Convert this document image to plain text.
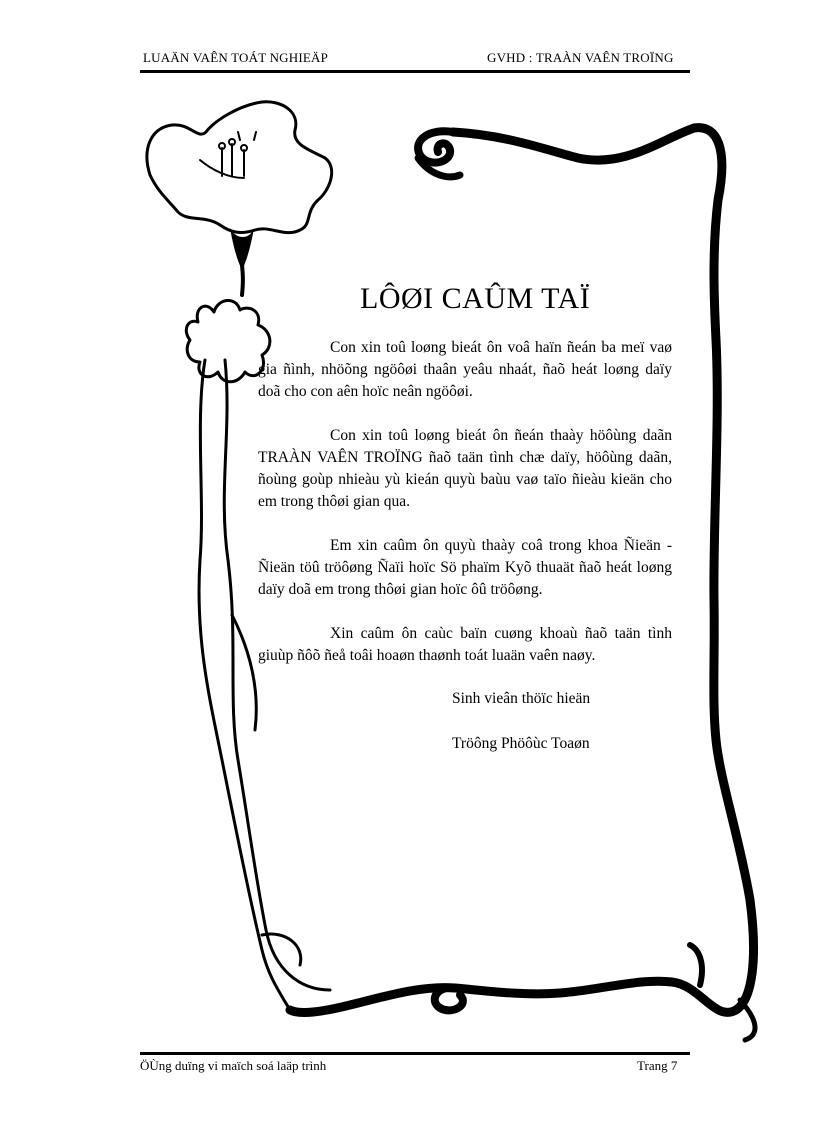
LUAÄN VAÊN TOÁT NGHIEÄP	GVHD : TRAÀN VAÊN TROÏNG
LÔØI CAÛM TAÏ

Con xin toû loøng bieát ôn voâ haïn ñeán ba meï vaø gia ñình, nhöõng ngöôøi thaân yeâu nhaát, ñaõ heát loøng daïy doã cho con aên hoïc neân ngöôøi.

Con xin toû loøng bieát ôn ñeán thaày höôùng daãn TRAÀN VAÊN TROÏNG ñaõ taän tình chæ daïy, höôùng daãn, ñoùng goùp nhieàu yù kieán quyù baùu vaø taïo ñieàu kieän cho em trong thôøi gian qua.

Em xin caûm ôn quyù thaày coâ trong khoa Ñieän - Ñieän töû tröôøng Ñaïi hoïc Sö phaïm Kyõ thuaät ñaõ heát loøng daïy doã em trong thôøi gian hoïc ôû tröôøng.

Xin caûm ôn caùc baïn cuøng khoaù ñaõ taän tình giuùp ñôõ ñeå toâi hoaøn thaønh toát luaän vaên naøy.

Sinh vieân thöïc hieän
Tröông Phöôùc Toaøn
ÖÙng duïng vi maïch soá laäp trình	Trang 7
